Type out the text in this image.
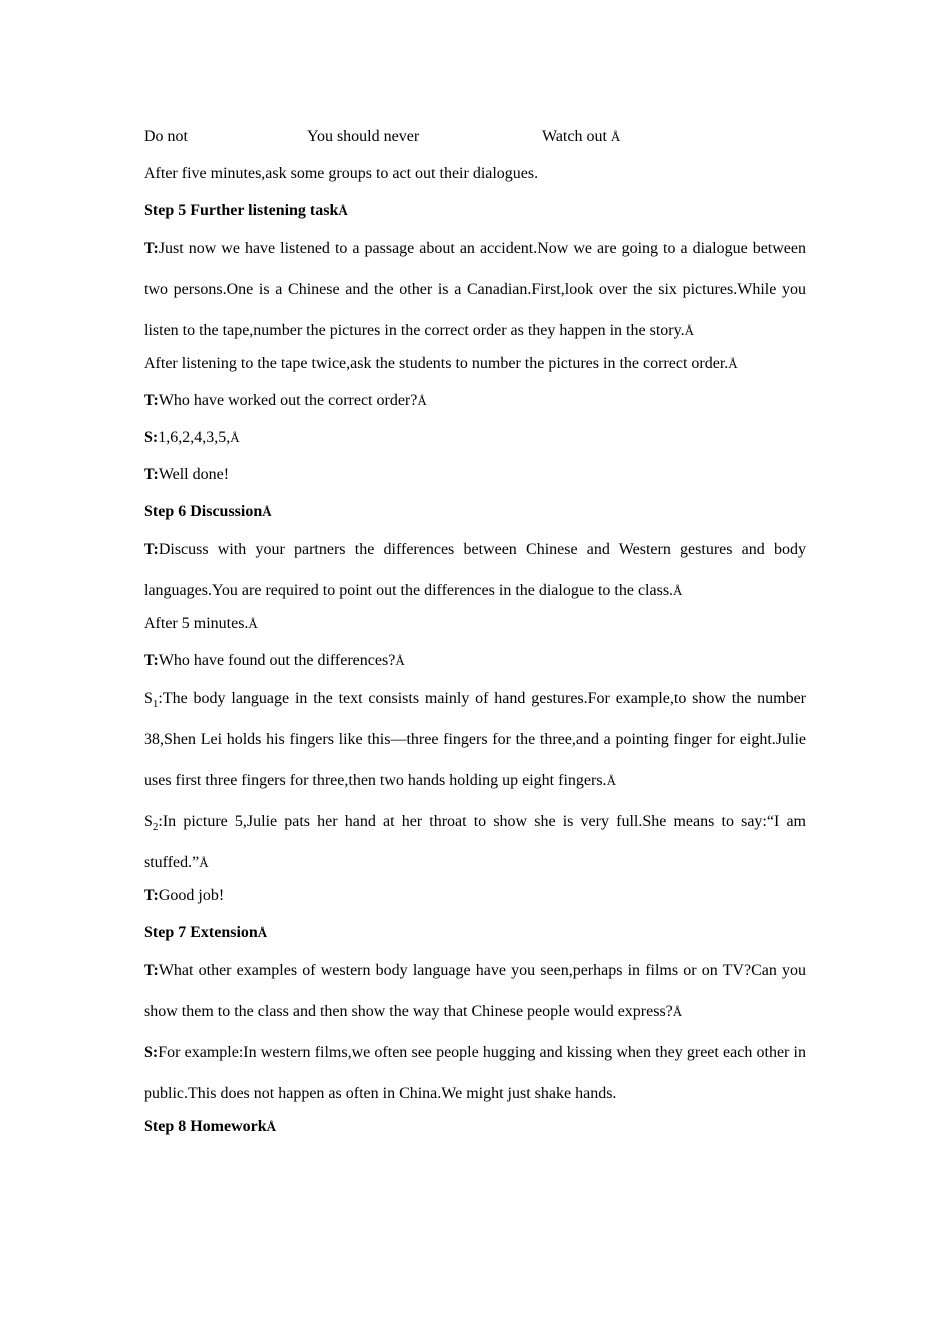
Do not	You should never	Watch out Å

After five minutes,ask some groups to act out their dialogues.

Step 5 Further listening taskÅ

T:Just now we have listened to a passage about an accident.Now we are going to a dialogue between two persons.One is a Chinese and the other is a Canadian.First,look over the six pictures.While you listen to the tape,number the pictures in the correct order as they happen in the story.Å

After listening to the tape twice,ask the students to number the pictures in the correct order.Å

T:Who have worked out the correct order?Å

S:1,6,2,4,3,5,Å

T:Well done!

Step 6 DiscussionÅ

T:Discuss with your partners the differences between Chinese and Western gestures and body languages.You are required to point out the differences in the dialogue to the class.Å

After 5 minutes.Å

T:Who have found out the differences?Å

$S_1:The$ body language in the text consists mainly of hand gestures.For example,to show the number 38,Shen Lei holds his fingers like this—three fingers for the three,and a pointing finger for eight.Julie uses first three fingers for three,then two hands holding up eight fingers.Å

$S_2:In$ picture 5,Julie pats her hand at her throat to show she is very full.She means to say:“I am stuffed.”Å

T:Good job!

Step 7 ExtensionÅ

T:What other examples of western body language have you seen,perhaps in films or on TV?Can you show them to the class and then show the way that Chinese people would express?Å

S:For example:In western films,we often see people hugging and kissing when they greet each other in public.This does not happen as often in China.We might just shake hands.

Step 8 HomeworkÅ
